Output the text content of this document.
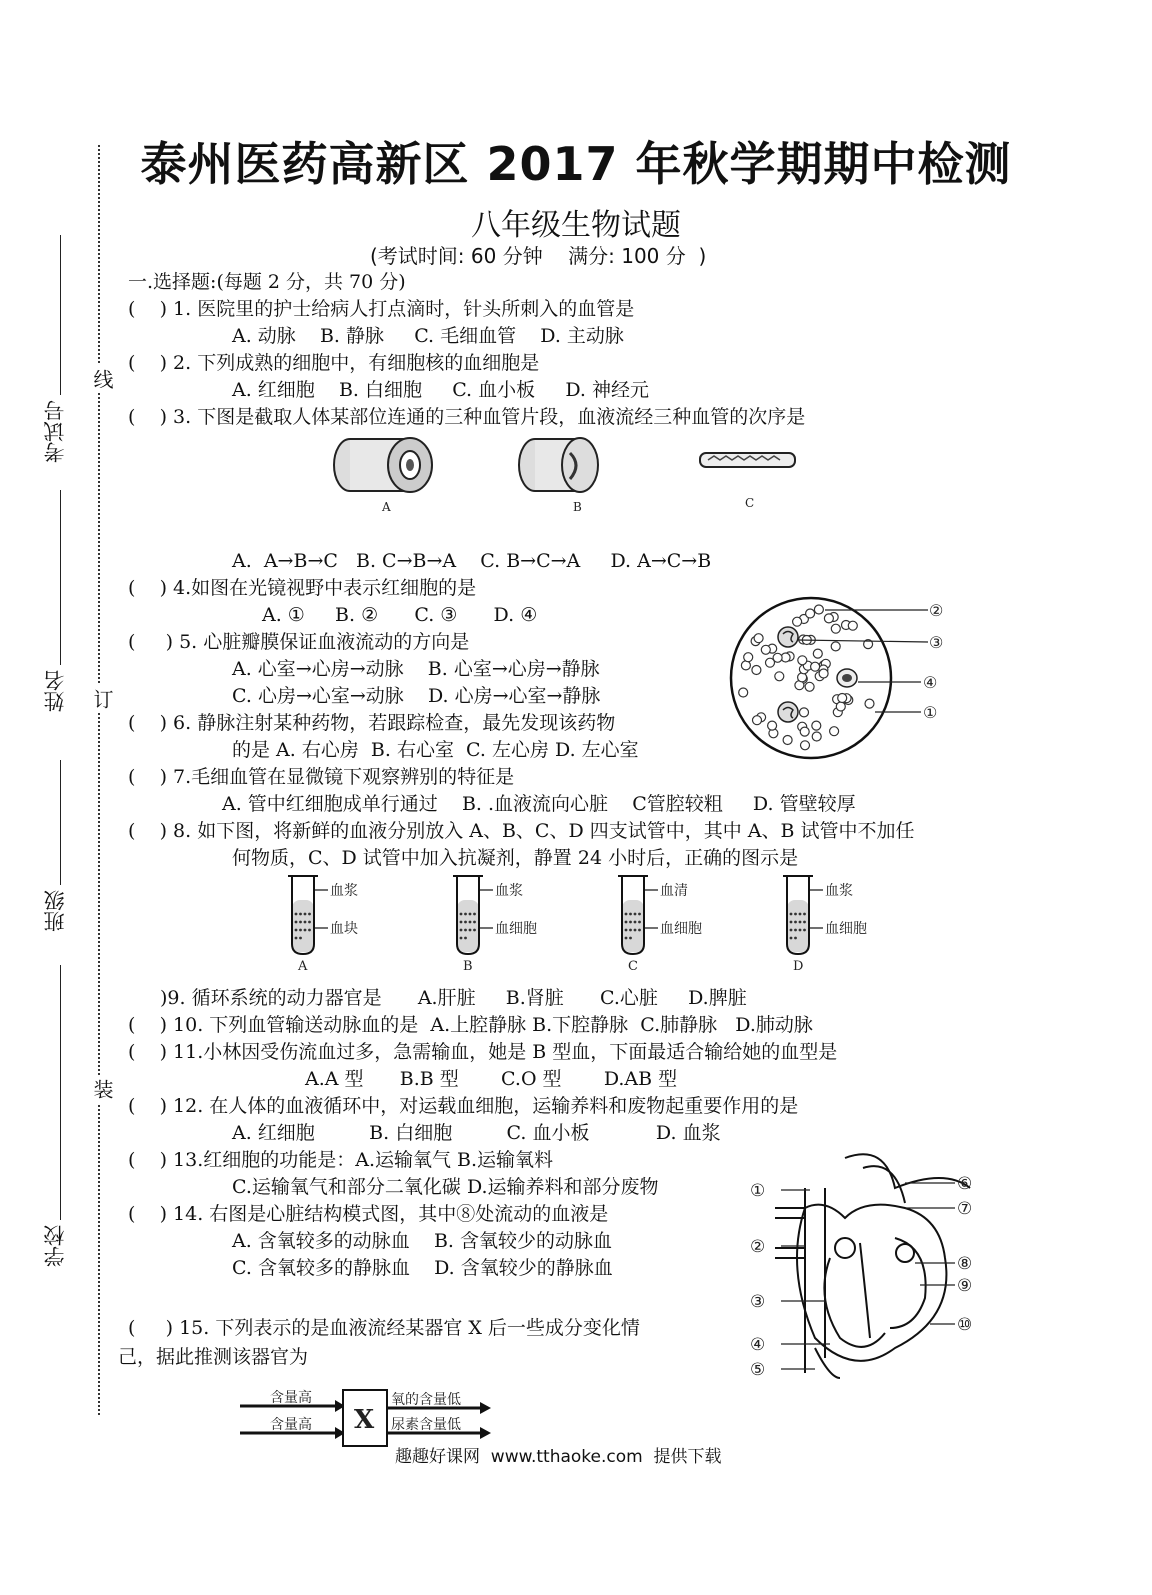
线
订
装
考试号
姓名
班级
学校
泰州医药高新区 2017 年秋学期期中检测
八年级生物试题
(考试时间: 60 分钟    满分: 100 分  )
一.选择题:(每题 2 分，共 70 分)
(    ) 1. 医院里的护士给病人打点滴时，针头所刺入的血管是
A. 动脉    B. 静脉     C. 毛细血管    D. 主动脉
(    ) 2. 下列成熟的细胞中，有细胞核的血细胞是
A. 红细胞    B. 白细胞     C. 血小板     D. 神经元
(    ) 3. 下图是截取人体某部位连通的三种血管片段，血液流经三种血管的次序是
A	B	C
A.  A→B→C   B. C→B→A    C. B→C→A     D. A→C→B
(    ) 4.如图在光镜视野中表示红细胞的是
A. ①     B. ②      C. ③      D. ④	②
③
④
①
(     ) 5. 心脏瓣膜保证血液流动的方向是
A. 心室→心房→动脉    B. 心室→心房→静脉
C. 心房→心室→动脉    D. 心房→心室→静脉
(    ) 6. 静脉注射某种药物，若跟踪检查，最先发现该药物
的是 A. 右心房  B. 右心室  C. 左心房 D. 左心室
(    ) 7.毛细血管在显微镜下观察辨别的特征是
A. 管中红细胞成单行通过    B. .血液流向心脏    C管腔较粗     D. 管壁较厚
(    ) 8. 如下图，将新鲜的血液分别放入 A、B、C、D 四支试管中，其中 A、B 试管中不加任
何物质，C、D 试管中加入抗凝剂，静置 24 小时后，正确的图示是
血浆
血块
A
血浆
血细胞
B
血清
血细胞
C
血浆
血细胞
D
)9. 循环系统的动力器官是      A.肝脏     B.肾脏      C.心脏     D.脾脏
(    ) 10. 下列血管输送动脉血的是  A.上腔静脉 B.下腔静脉  C.肺静脉   D.肺动脉
(    ) 11.小林因受伤流血过多，急需输血，她是 B 型血，下面最适合输给她的血型是
A.A 型      B.B 型       C.O 型       D.AB 型
(    ) 12. 在人体的血液循环中，对运载血细胞，运输养料和废物起重要作用的是
A. 红细胞         B. 白细胞         C. 血小板           D. 血浆
(    ) 13.红细胞的功能是：A.运输氧气 B.运输氧料
C.运输氧气和部分二氧化碳 D.运输养料和部分废物
(    ) 14. 右图是心脏结构模式图，其中⑧处流动的血液是
A. 含氧较多的动脉血    B. 含氧较少的动脉血
C. 含氧较多的静脉血    D. 含氧较少的静脉血
①
②
③
④
⑤
⑥
⑦
⑧
⑨
⑩
(     ) 15. 下列表示的是血液流经某器官 X 后一些成分变化情
己，据此推测该器官为
含量高
含量高 X
氧的含量低
尿素含量低
趣趣好课网  www.tthaoke.com  提供下载
